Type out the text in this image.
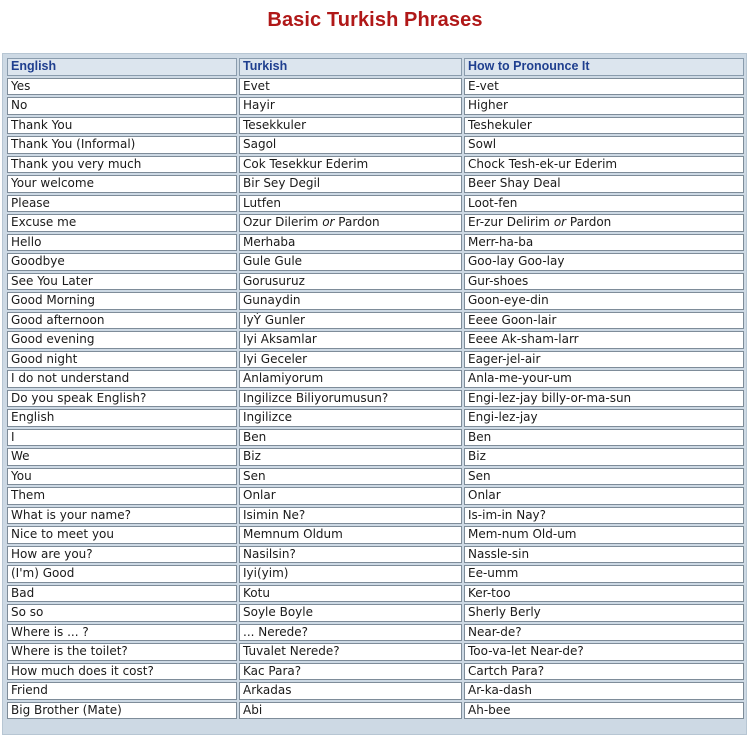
Basic Turkish Phrases
English	Turkish	How to Pronounce It
Yes	Evet	E-vet
No	Hayir	Higher
Thank You	Tesekkuler	Teshekuler
Thank You (Informal)	Sagol	Sowl
Thank you very much	Cok Tesekkur Ederim	Chock Tesh-ek-ur Ederim
Your welcome	Bir Sey Degil	Beer Shay Deal
Please	Lutfen	Loot-fen
Excuse me	Ozur Dilerim or Pardon	Er-zur Delirim or Pardon
Hello	Merhaba	Merr-ha-ba
Goodbye	Gule Gule	Goo-lay Goo-lay
See You Later	Gorusuruz	Gur-shoes
Good Morning	Gunaydin	Goon-eye-din
Good afternoon	IyÝ Gunler	Eeee Goon-lair
Good evening	Iyi Aksamlar	Eeee Ak-sham-larr
Good night	Iyi Geceler	Eager-jel-air
I do not understand	Anlamiyorum	Anla-me-your-um
Do you speak English?	Ingilizce Biliyorumusun?	Engi-lez-jay billy-or-ma-sun
English	Ingilizce	Engi-lez-jay
I	Ben	Ben
We	Biz	Biz
You	Sen	Sen
Them	Onlar	Onlar
What is your name?	Isimin Ne?	Is-im-in Nay?
Nice to meet you	Memnum Oldum	Mem-num Old-um
How are you?	Nasilsin?	Nassle-sin
(I'm) Good	Iyi(yim)	Ee-umm
Bad	Kotu	Ker-too
So so	Soyle Boyle	Sherly Berly
Where is ... ?	... Nerede?	Near-de?
Where is the toilet?	Tuvalet Nerede?	Too-va-let Near-de?
How much does it cost?	Kac Para?	Cartch Para?
Friend	Arkadas	Ar-ka-dash
Big Brother (Mate)	Abi	Ah-bee
